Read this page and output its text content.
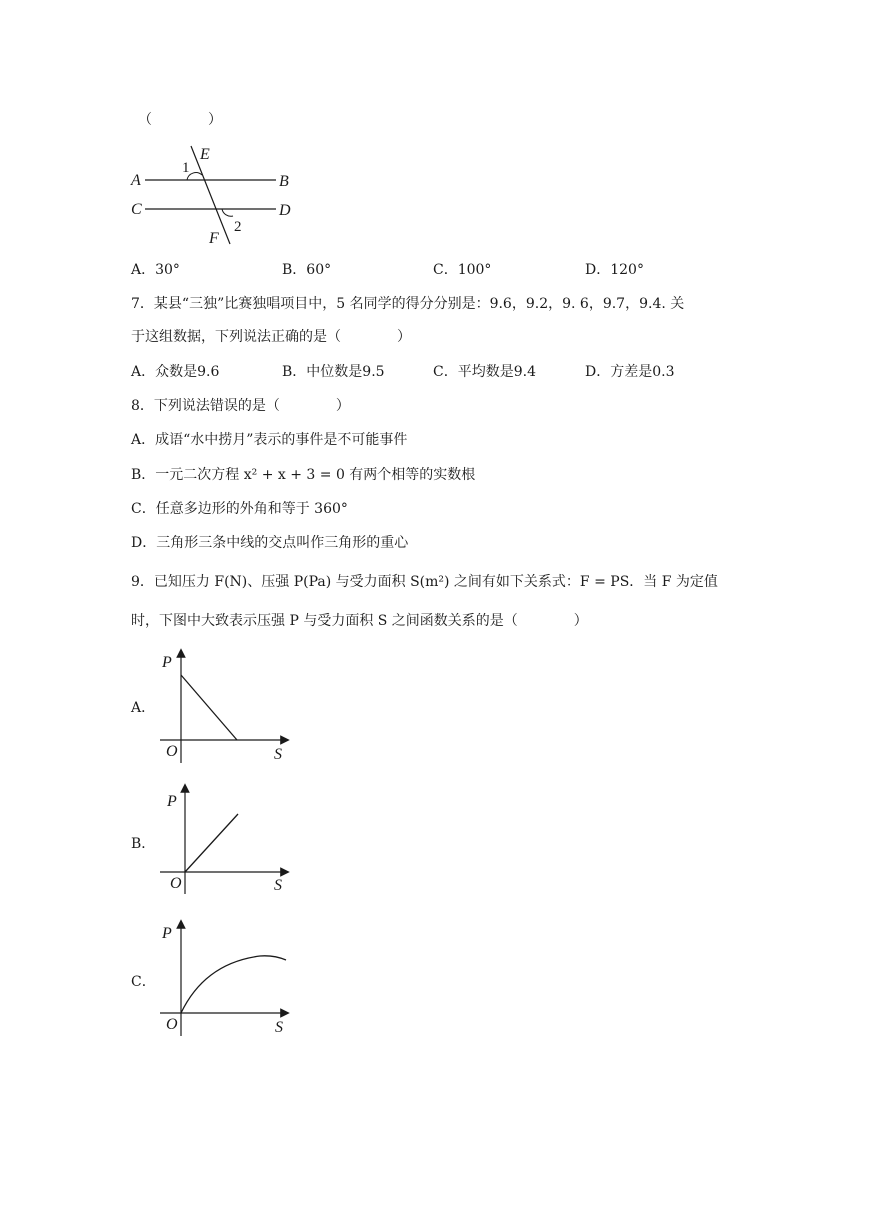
（　　　　）
A	B
C	D
E
F
1
2
A．30°	B．60°	C．100°	D．120°
7．某县“三独”比赛独唱项目中，5 名同学的得分分别是：9.6，9.2，9. 6，9.7，9.4. 关
于这组数据，下列说法正确的是（　　　　）
A．众数是9.6	B．中位数是9.5	C．平均数是9.4	D．方差是0.3
8．下列说法错误的是（　　　　）
A．成语“水中捞月”表示的事件是不可能事件
B．一元二次方程 x² + x + 3 = 0 有两个相等的实数根
C．任意多边形的外角和等于 360°
D．三角形三条中线的交点叫作三角形的重心
9．已知压力 F(N)、压强 P(Pa) 与受力面积 S(m²) 之间有如下关系式：F = PS．当 F 为定值
时，下图中大致表示压强 P 与受力面积 S 之间函数关系的是（　　　　）
A．
P
S
O
B．
P
S
O
C．
P
S
O
